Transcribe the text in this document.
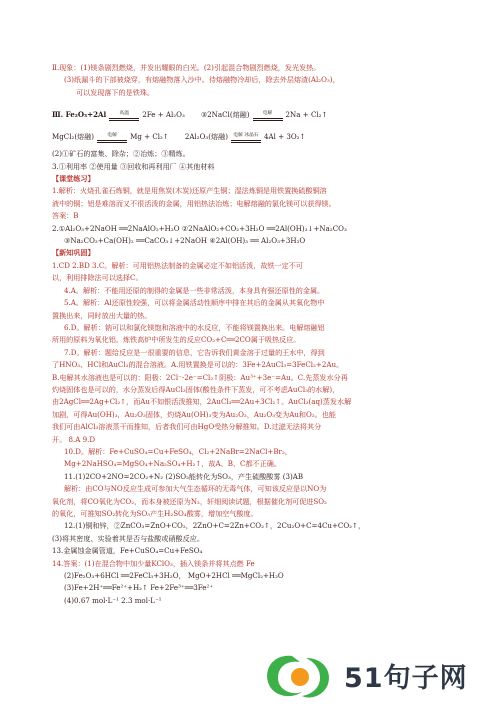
Ⅱ.现象：(1)镁条剧烈燃烧，并发出耀眼的白光。(2)引起混合物剧烈燃烧，发光发热。
(3)纸漏斗的下部被烧穿，有熔融物落入沙中。待熔融物冷却后，除去外层熔渣(Al₂O₃)，
可以发现落下的是铁珠。
Ⅲ. Fe₂O₃+2Al	高温 2Fe + Al₂O₃ ③2NaCl(熔融)	电解 2Na + Cl₂↑
MgCl₂(熔融)	电解 Mg + Cl₂↑ 2Al₂O₃(熔融) 电解 冰晶石 4Al + 3O₂↑
(2)①矿石的富集、除杂；②冶炼；③精炼。
3.①利用率 ②使用量 ③回收和再利用厂 ④其他材料
【课堂练习】
1.解析：火烧孔雀石炼铜，就是用焦炭(木炭)还原产生铜；湿法炼铜是用铁置换硫酸铜溶
液中的铜；铝是难溶而又不很活泼的金属，用铝热法冶炼；电解熔融的氯化镁可以获得镁。
答案：B
2.①Al₂O₃+2NaOH ══2NaAlO₂+H₂O ②2NaAlO₂+CO₂+3H₂O ══2Al(OH)₃↓+Na₂CO₃
③Na₂CO₃+Ca(OH)₂ ══CaCO₃↓+2NaOH ④2Al(OH)₃ ══ Al₂O₃+3H₂O
【新知巩固】
1.CD 2.BD 3.C。解析：可用铝热法制备的金属必定不如铝活泼，故铁一定不可
以，利用排除法可以选择C。
4.A。解析：不能用还原的制得的金属是一些非常活泼，本身具有强还原性的金属。
5.A。解析：Al还原性较强，可以将金属活动性顺序中排在其后的金属从其氧化物中
置换出来，同时放出大量的热。
6.D。解析：钠可以和氯化镁饱和溶液中的水反应，不能将镁置换出来。电解熔融铝
所用的原料为氧化铝。炼铁高炉中所发生的反应CO₂+C══2CO属于吸热反应。
7.D。解析：题给反应是一很重要的信息，它告诉我们黄金溶于过量的王水中，得到
了HNO₃、HCl和AuCl₃的混合溶液。A.用铁置换是可以的：3Fe+2AuCl₃=3FeCl₂+2Au。
B.电解其水溶液也是可以的：阳极：2Cl⁻-2e⁻=Cl₂↑阴极：Au³⁺+3e⁻=Au。C.先蒸发水分再
灼烧固体也是可以的，水分蒸发后得AuCl₃固体(酸性条件下蒸发，可不考虑AuCl₃的水解)，
由2AgCl══2Ag+Cl₂↑，而Au不如银活泼推知，2AuCl₃══2Au+3Cl₂↑。AuCl₃(aq)蒸发水解
加剧，可得Au(OH)₃，Au₂O₃固体，灼烧Au(OH)₃变为Au₂O₃，Au₂O₃变为Au和O₂。也能
我们可由AlCl₃溶液蒸干而推知，后者我们可由HgO受热分解推知。D.过滤无法将其分
开。 8.A 9.D
10.D。解析：Fe+CuSO₄=Cu+FeSO₄，Cl₂+2NaBr=2NaCl+Br₂，
Mg+2NaHSO₄=MgSO₄+Na₂SO₄+H₂↑，故A、B、C都不正确。
11.(1)2CO+2NO=2CO₂+N₂ (2)SO₂能转化为SO₃，产生硫酸酸雾 (3)AB
解析：由CO与NO反应生成可参加大气生态循环的无毒气体，可知该反应是以NO为
氧化剂，将CO氧化为CO₂，而本身被还原为N₂，轩细阅读试题，根据催化剂可促进SO₂
的氧化，可推知SO₂转化为SO₃产生H₂SO₄酸雾，增加空气酸度。
12.(1)铜和锌，②ZnCO₃=ZnO+CO₂，2ZnO+C=2Zn+CO₂↑，2Cu₂O+C=4Cu+CO₂↑，
(3)将其密度、实验着其是否与盐酸或硝酸反应。
13.金属蚀金属管道，Fe+CuSO₄=Cu+FeSO₄
14.答案：(1)在混合物中加少量KClO₃，插入镁条并将其点燃 Fe
(2)Fe₂O₃+6HCl ══2FeCl₃+3H₂O， MgO+2HCl ══MgCl₂+H₂O
(3)Fe+2H⁺══Fe²⁺+H₂↑ Fe+2Fe³⁺══3Fe²⁺
(4)0.67 mol·L⁻¹ 2.3 mol·L⁻¹
51句子网
